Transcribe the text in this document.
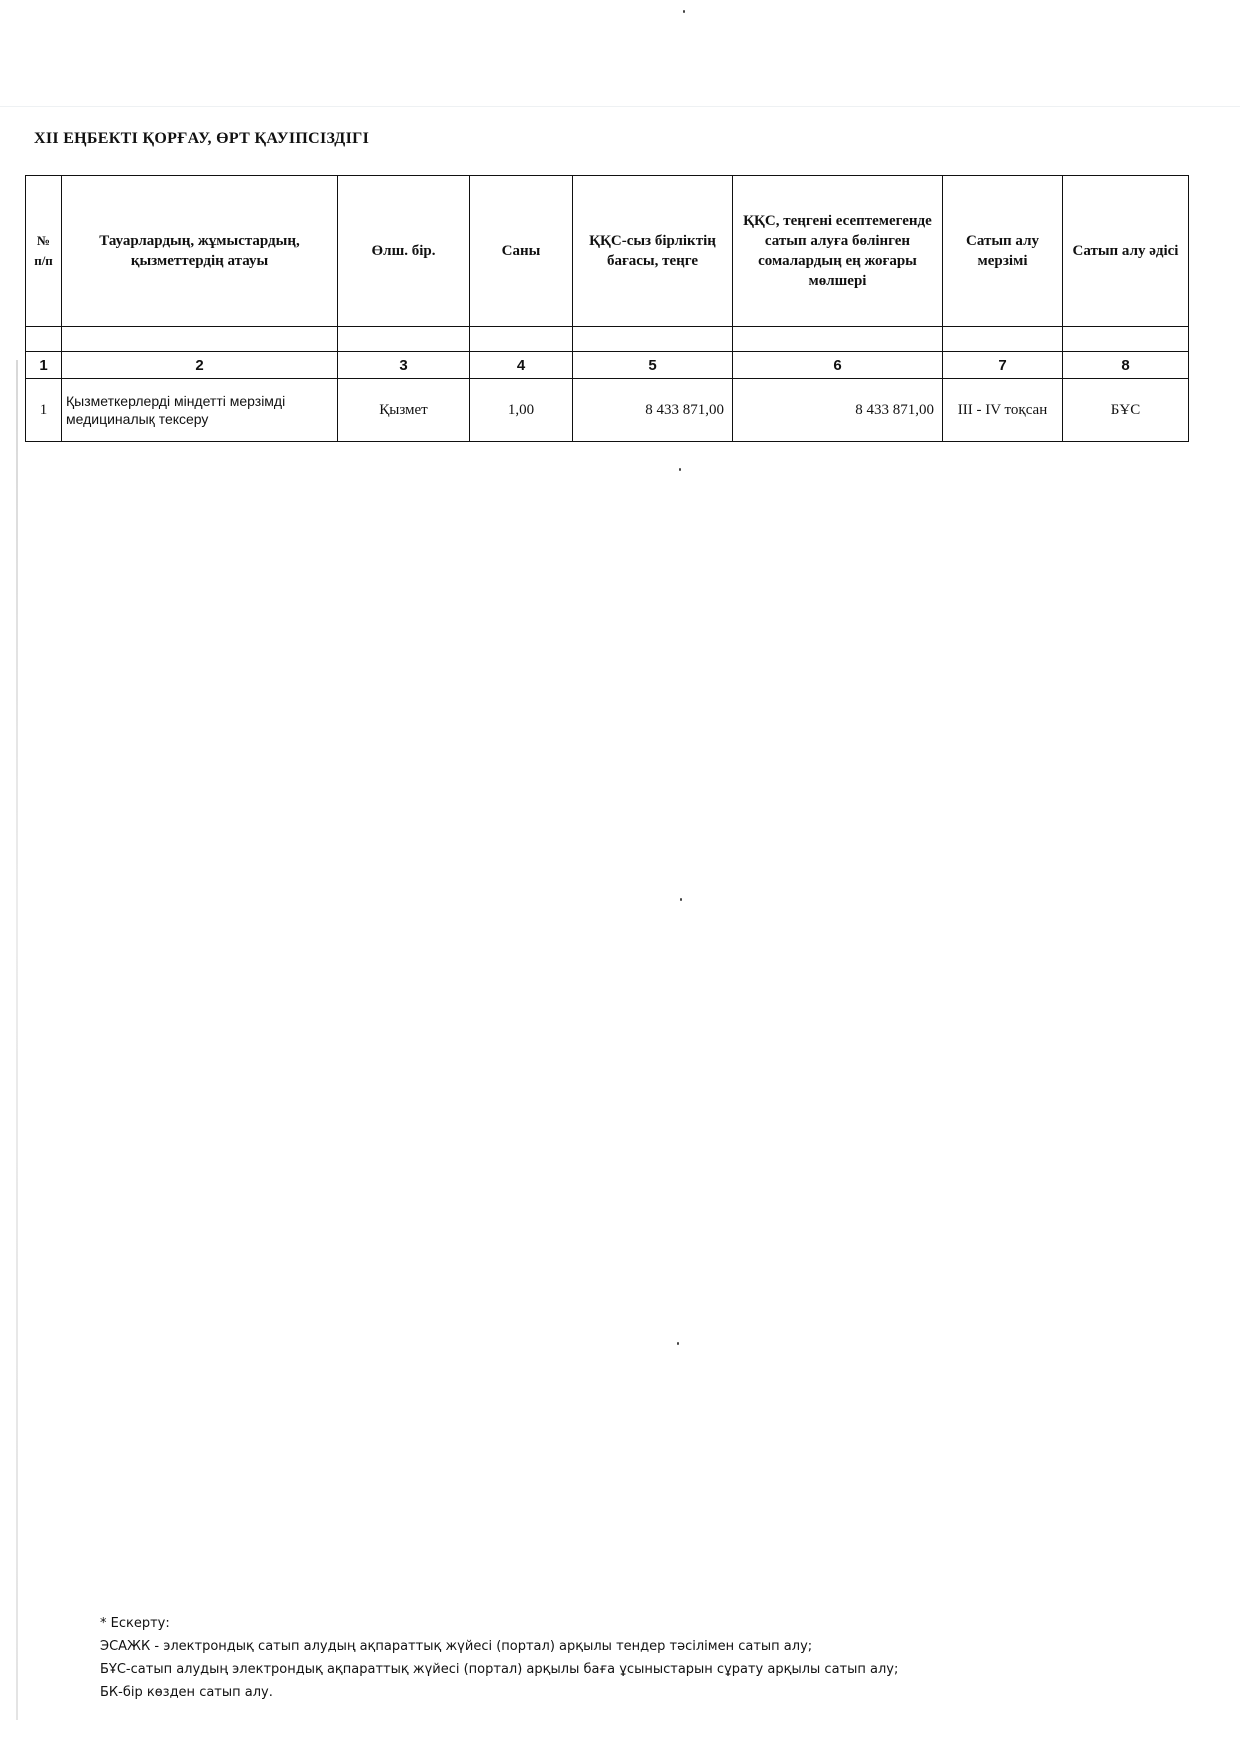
XII ЕҢБЕКТІ ҚОРҒАУ, ӨРТ ҚАУІПСІЗДІГІ
№ п/п	Тауарлардың, жұмыстардың, қызметтердің атауы	Өлш. бір.	Саны	ҚҚС-сыз бірліктің бағасы, теңге	ҚҚС, теңгені есептемегенде сатып алуға бөлінген сомалардың ең жоғары мөлшері	Сатып алу мерзімі	Сатып алу әдісі

1	2	3	4	5	6	7	8
1	Қызметкерлерді міндетті мерзімді медициналық тексеру	Қызмет	1,00	8 433 871,00	8 433 871,00	III - IV тоқсан	БҰС
* Ескерту:
ЭСАЖК - электрондық сатып алудың ақпараттық жүйесі (портал) арқылы тендер тәсілімен сатып алу;
БҰС-сатып алудың электрондық ақпараттық жүйесі (портал) арқылы баға ұсыныстарын сұрату арқылы сатып алу;
БК-бір көзден сатып алу.
